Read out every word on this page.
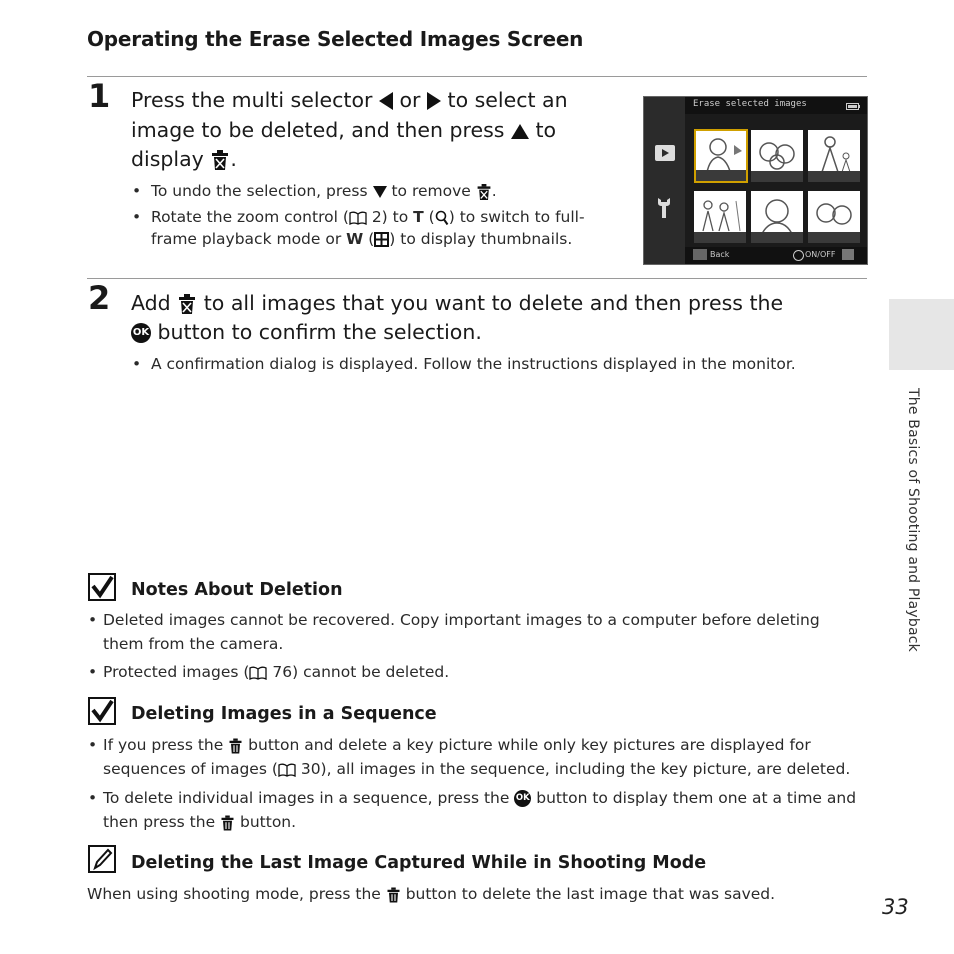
Operating the Erase Selected Images Screen
1 Press the multi selector or to select an
image to be deleted, and then press to
display .
• To undo the selection, press to remove .
• Rotate the zoom control ( 2) to T ( ) to switch to full-
frame playback mode or W ( ) to display thumbnails.
Erase selected images
Back	ON/OFF
2 Add to all images that you want to delete and then press the
OK button to confirm the selection.
• A confirmation dialog is displayed. Follow the instructions displayed in the monitor.
Notes About Deletion
• Deleted images cannot be recovered. Copy important images to a computer before deleting
them from the camera.
• Protected images ( 76) cannot be deleted.
Deleting Images in a Sequence
• If you press the button and delete a key picture while only key pictures are displayed for
sequences of images ( 30), all images in the sequence, including the key picture, are deleted.
• To delete individual images in a sequence, press the OK button to display them one at a time and
then press the button.
Deleting the Last Image Captured While in Shooting Mode
When using shooting mode, press the button to delete the last image that was saved.
The Basics of Shooting and Playback
33
